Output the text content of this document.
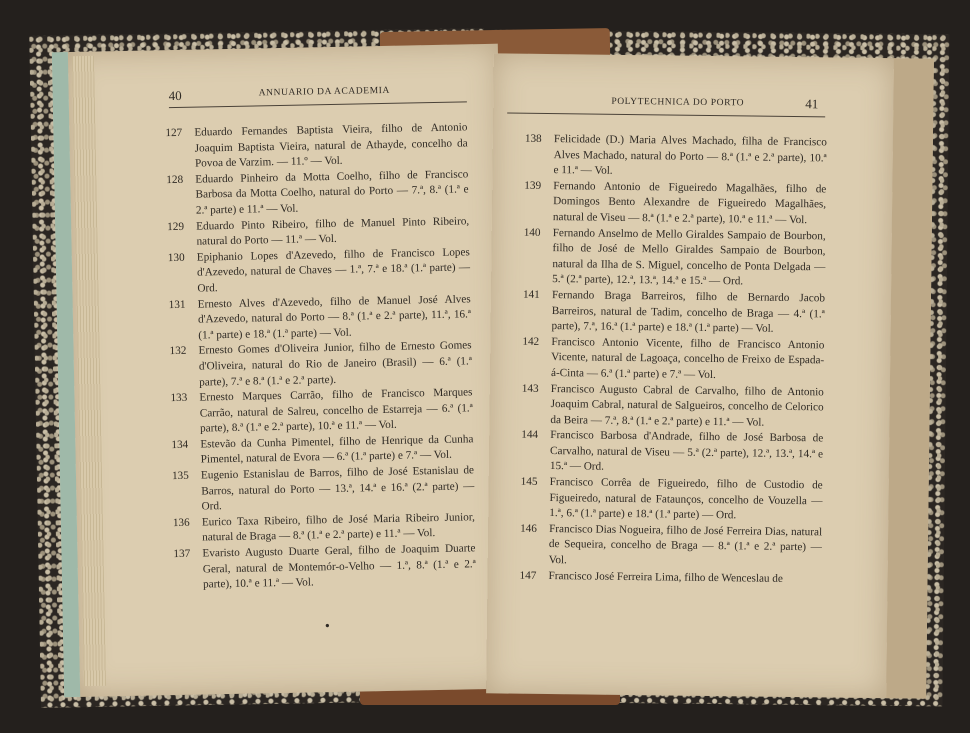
40	ANNUARIO DA ACADEMIA
127 Eduardo Fernandes Baptista Vieira, filho de Antonio Joaquim Baptista Vieira, natural de Athayde, concelho da Povoa de Varzim. — 11.º — Vol.
128 Eduardo Pinheiro da Motta Coelho, filho de Francisco Barbosa da Motta Coelho, natural do Porto — 7.ª, 8.ª (1.ª e 2.ª parte) e 11.ª — Vol.
129 Eduardo Pinto Ribeiro, filho de Manuel Pinto Ribeiro, natural do Porto — 11.ª — Vol.
130 Epiphanio Lopes d'Azevedo, filho de Francisco Lopes d'Azevedo, natural de Chaves — 1.ª, 7.ª e 18.ª (1.ª parte) — Ord.
131 Ernesto Alves d'Azevedo, filho de Manuel José Alves d'Azevedo, natural do Porto — 8.ª (1.ª e 2.ª parte), 11.ª, 16.ª (1.ª parte) e 18.ª (1.ª parte) — Vol.
132 Ernesto Gomes d'Oliveira Junior, filho de Ernesto Gomes d'Oliveira, natural do Rio de Janeiro (Brasil) — 6.ª (1.ª parte), 7.ª e 8.ª (1.ª e 2.ª parte).
133 Ernesto Marques Carrão, filho de Francisco Marques Carrão, natural de Salreu, concelho de Estarreja — 6.ª (1.ª parte), 8.ª (1.ª e 2.ª parte), 10.ª e 11.ª — Vol.
134 Estevão da Cunha Pimentel, filho de Henrique da Cunha Pimentel, natural de Evora — 6.ª (1.ª parte) e 7.ª — Vol.
135 Eugenio Estanislau de Barros, filho de José Estanislau de Barros, natural do Porto — 13.ª, 14.ª e 16.ª (2.ª parte) — Ord.
136 Eurico Taxa Ribeiro, filho de José Maria Ribeiro Junior, natural de Braga — 8.ª (1.ª e 2.ª parte) e 11.ª — Vol.
137 Evaristo Augusto Duarte Geral, filho de Joaquim Duarte Geral, natural de Montemór-o-Velho — 1.ª, 8.ª (1.ª e 2.ª parte), 10.ª e 11.ª — Vol.
•
POLYTECHNICA DO PORTO	41
138 Felicidade (D.) Maria Alves Machado, filha de Francisco Alves Machado, natural do Porto — 8.ª (1.ª e 2.ª parte), 10.ª e 11.ª — Vol.
139 Fernando Antonio de Figueiredo Magalhães, filho de Domingos Bento Alexandre de Figueiredo Magalhães, natural de Viseu — 8.ª (1.ª e 2.ª parte), 10.ª e 11.ª — Vol.
140 Fernando Anselmo de Mello Giraldes Sampaio de Bourbon, filho de José de Mello Giraldes Sampaio de Bourbon, natural da Ilha de S. Miguel, concelho de Ponta Delgada — 5.ª (2.ª parte), 12.ª, 13.ª, 14.ª e 15.ª — Ord.
141 Fernando Braga Barreiros, filho de Bernardo Jacob Barreiros, natural de Tadim, concelho de Braga — 4.ª (1.ª parte), 7.ª, 16.ª (1.ª parte) e 18.ª (1.ª parte) — Vol.
142 Francisco Antonio Vicente, filho de Francisco Antonio Vicente, natural de Lagoaça, concelho de Freixo de Espada-á-Cinta — 6.ª (1.ª parte) e 7.ª — Vol.
143 Francisco Augusto Cabral de Carvalho, filho de Antonio Joaquim Cabral, natural de Salgueiros, concelho de Celorico da Beira — 7.ª, 8.ª (1.ª e 2.ª parte) e 11.ª — Vol.
144 Francisco Barbosa d'Andrade, filho de José Barbosa de Carvalho, natural de Viseu — 5.ª (2.ª parte), 12.ª, 13.ª, 14.ª e 15.ª — Ord.
145 Francisco Corrêa de Figueiredo, filho de Custodio de Figueiredo, natural de Fataunços, concelho de Vouzella — 1.ª, 6.ª (1.ª parte) e 18.ª (1.ª parte) — Ord.
146 Francisco Dias Nogueira, filho de José Ferreira Dias, natural de Sequeira, concelho de Braga — 8.ª (1.ª e 2.ª parte) — Vol.
147 Francisco José Ferreira Lima, filho de Wenceslau de
